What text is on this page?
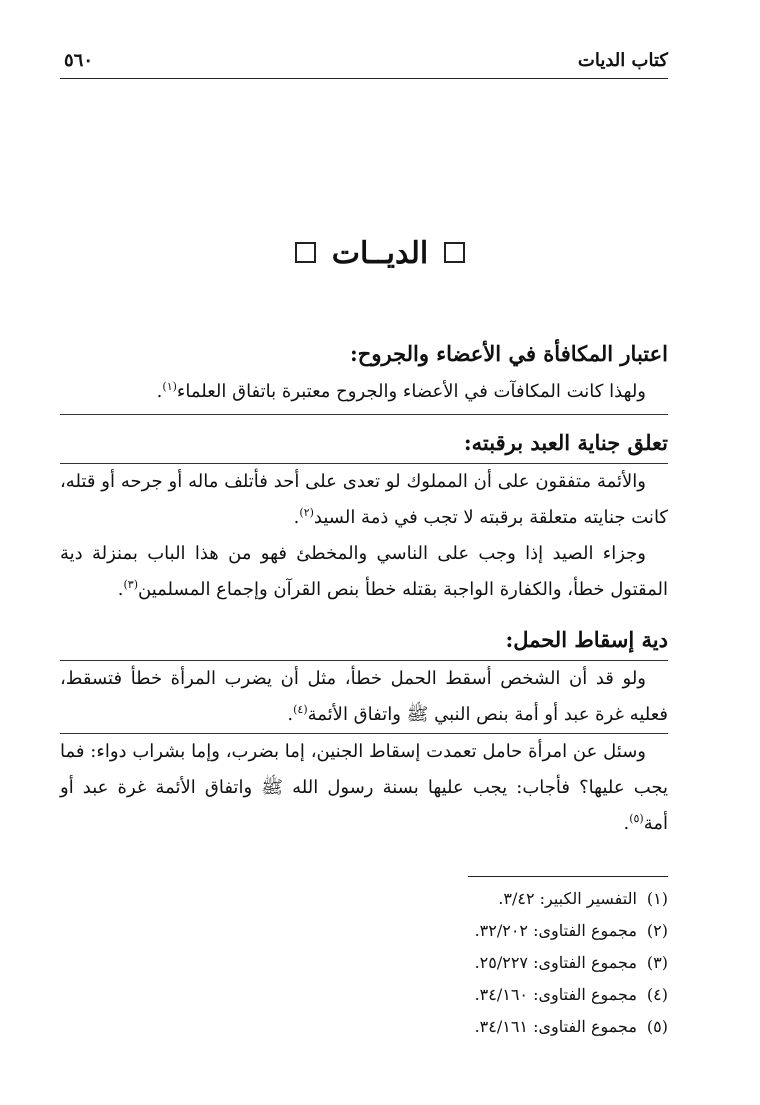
كتاب الديات
٥٦٠
الديــات
اعتبار المكافأة في الأعضاء والجروح:

ولهذا كانت المكافآت في الأعضاء والجروح معتبرة باتفاق العلماء$^{(١)}$.

تعلق جناية العبد برقبته:

والأئمة متفقون على أن المملوك لو تعدى على أحد فأتلف ماله أو جرحه أو قتله، كانت جنايته متعلقة برقبته لا تجب في ذمة السيد$^{(٢)}$.

وجزاء الصيد إذا وجب على الناسي والمخطئ فهو من هذا الباب بمنزلة دية المقتول خطأ، والكفارة الواجبة بقتله خطأ بنص القرآن وإجماع المسلمين$^{(٣)}$.

دية إسقاط الحمل:

ولو قد أن الشخص أسقط الحمل خطأ، مثل أن يضرب المرأة خطأ فتسقط، فعليه غرة عبد أو أمة بنص النبي ﷺ واتفاق الأئمة$^{(٤)}$.

وسئل عن امرأة حامل تعمدت إسقاط الجنين، إما بضرب، وإما بشراب دواء: فما يجب عليها؟ فأجاب: يجب عليها بسنة رسول الله ﷺ واتفاق الأئمة غرة عبد أو أمة$^{(٥)}$.

(١)التفسير الكبير: ٣/٤٢.
(٢)مجموع الفتاوى: ٣٢/٢٠٢.
(٣)مجموع الفتاوى: ٢٥/٢٢٧.
(٤)مجموع الفتاوى: ٣٤/١٦٠.
(٥)مجموع الفتاوى: ٣٤/١٦١.
